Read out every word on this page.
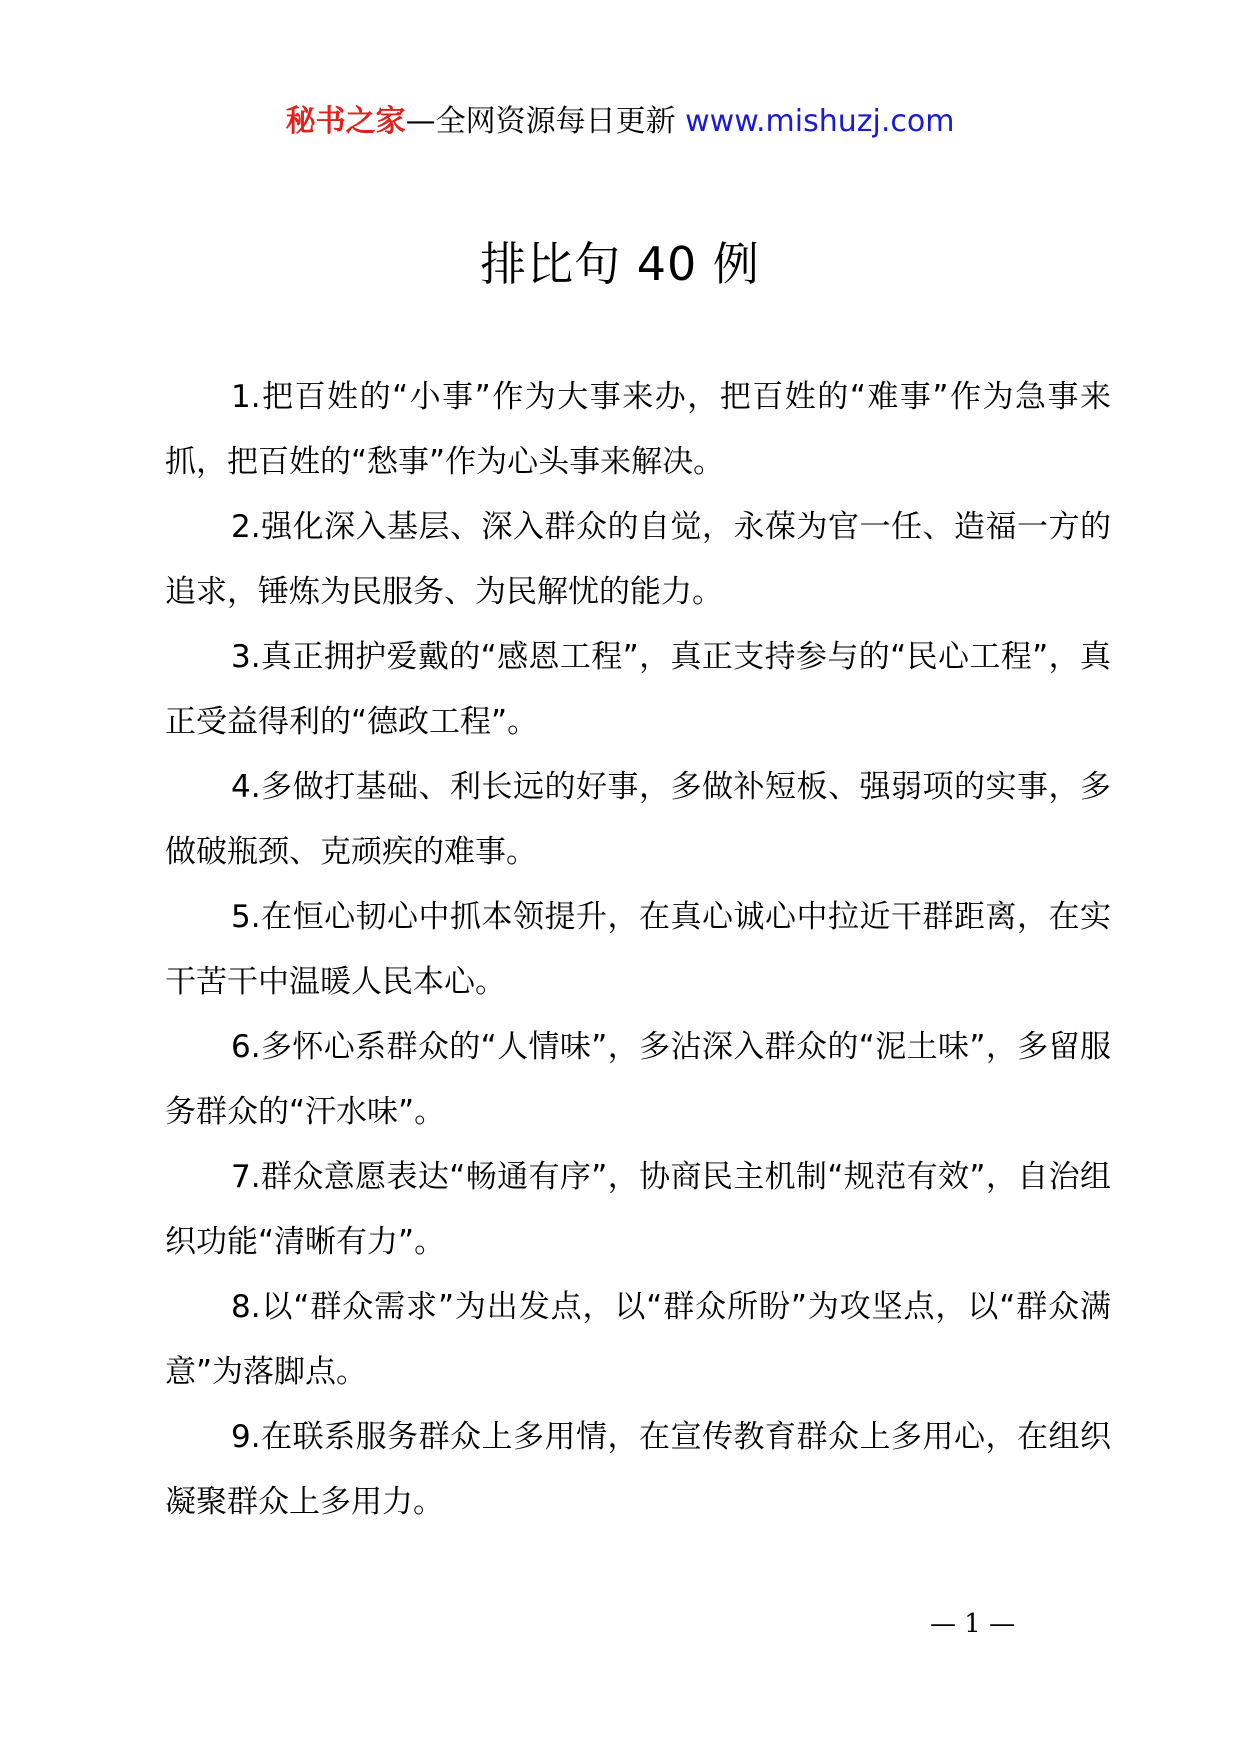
秘书之家—全网资源每日更新 www.mishuzj.com
排比句 40 例

1.把百姓的“小事”作为大事来办，把百姓的“难事”作为急事来抓，把百姓的“愁事”作为心头事来解决。

2.强化深入基层、深入群众的自觉，永葆为官一任、造福一方的追求，锤炼为民服务、为民解忧的能力。

3.真正拥护爱戴的“感恩工程”，真正支持参与的“民心工程”，真正受益得利的“德政工程”。

4.多做打基础、利长远的好事，多做补短板、强弱项的实事，多做破瓶颈、克顽疾的难事。

5.在恒心韧心中抓本领提升，在真心诚心中拉近干群距离，在实干苦干中温暖人民本心。

6.多怀心系群众的“人情味”，多沾深入群众的“泥土味”，多留服务群众的“汗水味”。

7.群众意愿表达“畅通有序”，协商民主机制“规范有效”，自治组织功能“清晰有力”。

8.以“群众需求”为出发点，以“群众所盼”为攻坚点，以“群众满意”为落脚点。

9.在联系服务群众上多用情，在宣传教育群众上多用心，在组织凝聚群众上多用力。

— 1 —
